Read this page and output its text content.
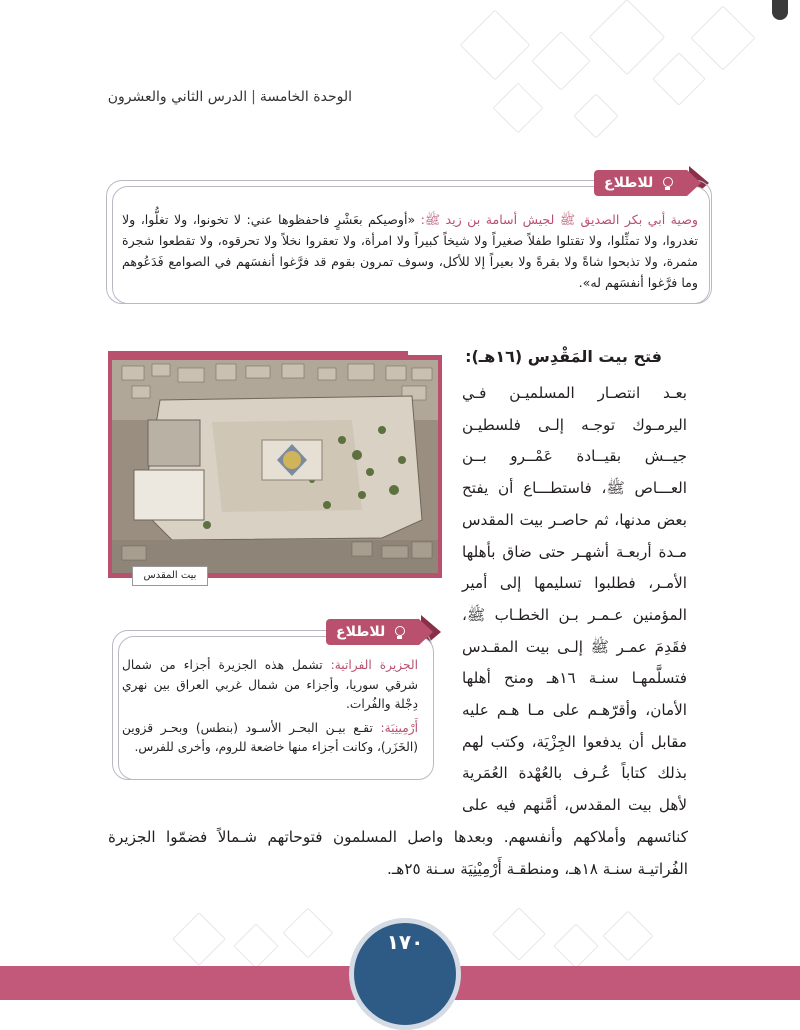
الوحدة الخامسة|الدرس الثاني والعشرون
للاطلاع
وصية أبي بكر الصديق ﷺ لجيش أسامة بن زيد ﷺ: «أوصيكم بعَشْرٍ فاحفظوها عني: لا تخونوا، ولا تغلُّوا، ولا تغدروا، ولا تمثِّلوا، ولا تقتلوا طفلاً صغيراً ولا شيخاً كبيراً ولا امرأة، ولا تعقروا نخلاً ولا تحرقوه، ولا تقطعوا شجرة مثمرة، ولا تذبحوا شاةً ولا بقرةً ولا بعيراً إلا للأكل، وسوف تمرون بقوم قد فرَّغوا أنفسَهم في الصوامع فَدَعُوهم وما فرَّغوا أنفسَهم له».
بيت المقدس
فتح بيت المَقْدِس (١٦هـ):
بعـد انتصـار المسلميـن فـي اليرمـوك توجـه إلـى فلسطيـن جيــش بقيــادة عَمْــرو بــن العـــاص ﷺ، فاستطـــاع أن يفتح بعض مدنها، ثم حاصـر بيت المقدس مـدة أربعـة أشهـر حتى ضاق بأهلها الأمـر، فطلبوا تسليمها إلى أمير المؤمنين عـمـر بـن الخطـاب ﷺ، فقَدِمَ عمـر ﷺ إلـى بيت المقـدس فتسلَّمهـا سنـة ١٦هـ ومنح أهلها الأمان، وأقرّهـم على مـا هـم عليه مقابل أن يدفعوا الجِزْيَة، وكتب لهم بذلك كتاباً عُـرف بالعُهْدة العُمَرية لأهل بيت المقدس، أمَّنهم فيه على
للاطلاع

الجزيرة الفراتية: تشمل هذه الجزيرة أجزاء من شمال شرقي سوريا، وأجزاء من شمال غربي العراق بين نهري دِجْلة والفُرات.

أَرْمِينِيَة: تقـع بيـن البحـر الأسـود (بنطس) وبحـر قزوين (الخَزَر)، وكانت أجزاء منها خاضعة للروم، وأخرى للفرس.

كنائسهم وأملاكهم وأنفسهم. وبعدها واصل المسلمون فتوحاتهم شـمالاً فضمّوا الجزيرة الفُراتيـة سنـة ١٨هـ، ومنطقـة أَرْمِيْنِيَة سـنة ٢٥هـ.
١٧٠
